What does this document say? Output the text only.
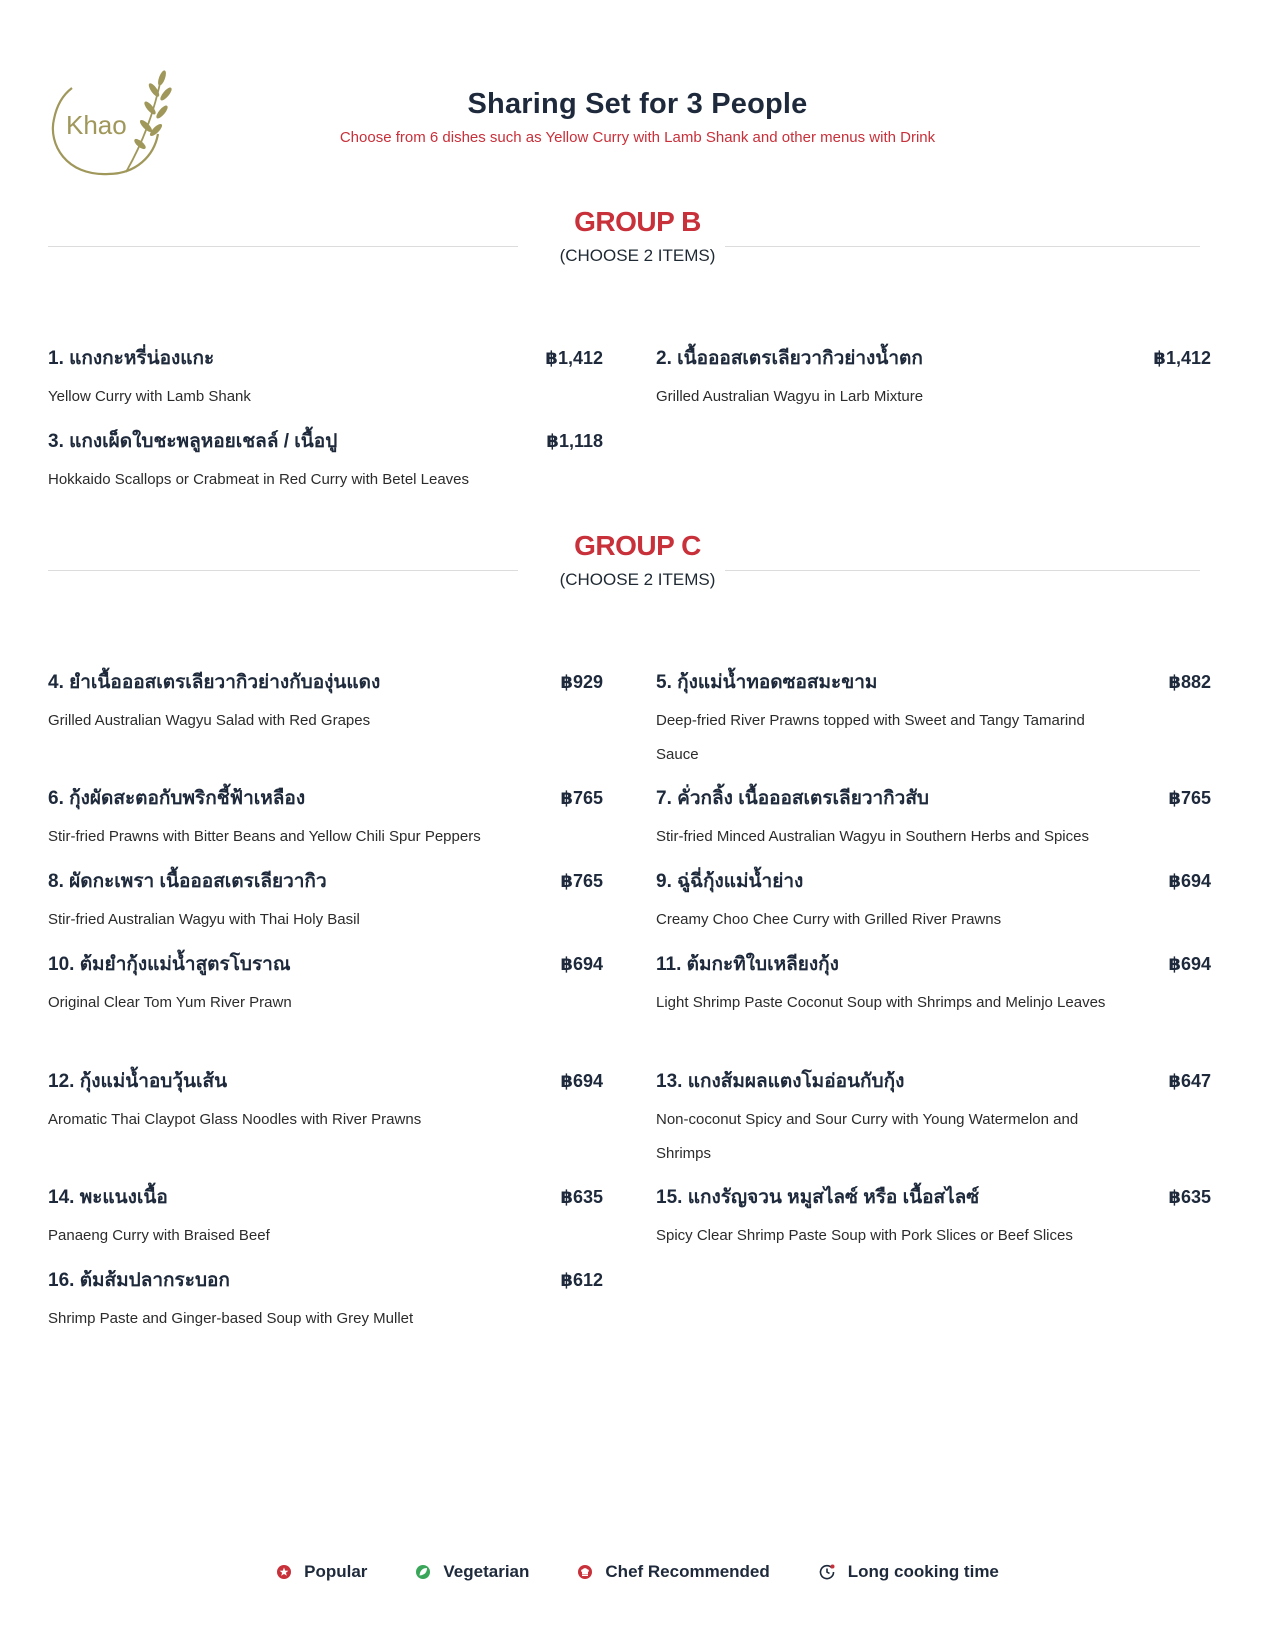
Khao
Sharing Set for 3 People
Choose from 6 dishes such as Yellow Curry with Lamb Shank and other menus with Drink
GROUP B
(CHOOSE 2 ITEMS)
1. แกงกะหรี่น่องแกะ	฿1,412
Yellow Curry with Lamb Shank
2. เนื้อออสเตรเลียวากิวย่างน้ำตก	฿1,412
Grilled Australian Wagyu in Larb Mixture
3. แกงเผ็ดใบชะพลูหอยเชลล์ / เนื้อปู	฿1,118
Hokkaido Scallops or Crabmeat in Red Curry with Betel Leaves
GROUP C
(CHOOSE 2 ITEMS)
4. ยำเนื้อออสเตรเลียวากิวย่างกับองุ่นแดง	฿929
Grilled Australian Wagyu Salad with Red Grapes
5. กุ้งแม่น้ำทอดซอสมะขาม	฿882
Deep-fried River Prawns topped with Sweet and Tangy Tamarind Sauce
6. กุ้งผัดสะตอกับพริกชี้ฟ้าเหลือง	฿765
Stir-fried Prawns with Bitter Beans and Yellow Chili Spur Peppers
7. คั่วกลิ้ง เนื้อออสเตรเลียวากิวสับ	฿765
Stir-fried Minced Australian Wagyu in Southern Herbs and Spices
8. ผัดกะเพรา เนื้อออสเตรเลียวากิว	฿765
Stir-fried Australian Wagyu with Thai Holy Basil
9. ฉู่ฉี่กุ้งแม่น้ำย่าง	฿694
Creamy Choo Chee Curry with Grilled River Prawns
10. ต้มยำกุ้งแม่น้ำสูตรโบราณ	฿694
Original Clear Tom Yum River Prawn
11. ต้มกะทิใบเหลียงกุ้ง	฿694
Light Shrimp Paste Coconut Soup with Shrimps and Melinjo Leaves
12. กุ้งแม่น้ำอบวุ้นเส้น	฿694
Aromatic Thai Claypot Glass Noodles with River Prawns
13. แกงส้มผลแตงโมอ่อนกับกุ้ง	฿647
Non-coconut Spicy and Sour Curry with Young Watermelon and Shrimps
14. พะแนงเนื้อ	฿635
Panaeng Curry with Braised Beef
15. แกงรัญจวน หมูสไลซ์ หรือ เนื้อสไลซ์	฿635
Spicy Clear Shrimp Paste Soup with Pork Slices or Beef Slices
16. ต้มส้มปลากระบอก	฿612
Shrimp Paste and Ginger-based Soup with Grey Mullet
Popular	Vegetarian	Chef Recommended	Long cooking time
